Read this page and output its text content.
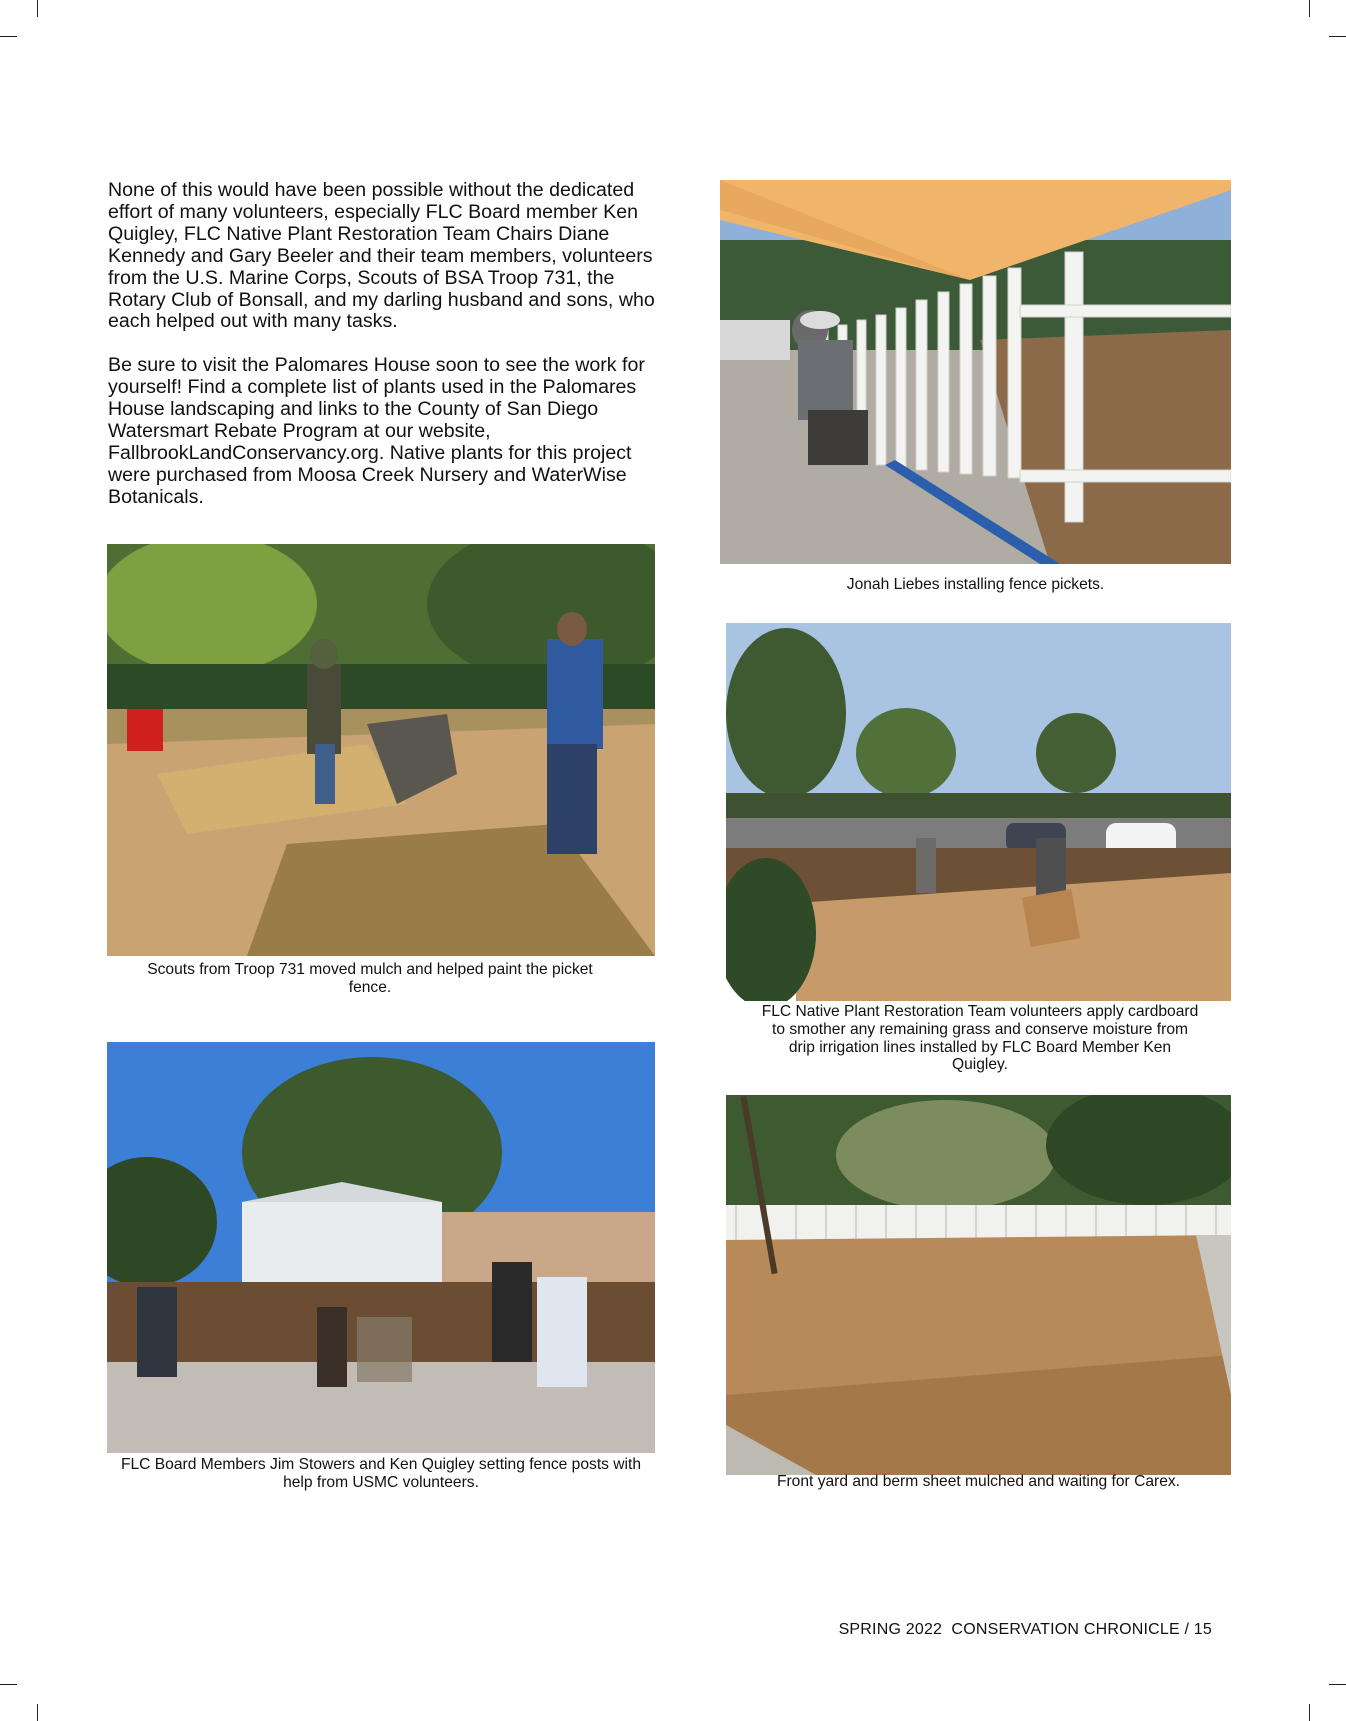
None of this would have been possible without the dedicated effort of many volunteers, especially FLC Board member Ken Quigley, FLC Native Plant Restoration Team Chairs Diane Kennedy and Gary Beeler and their team members, volunteers from the U.S. Marine Corps, Scouts of BSA Troop 731, the Rotary Club of Bonsall, and my darling husband and sons, who each helped out with many tasks.

Be sure to visit the Palomares House soon to see the work for yourself! Find a complete list of plants used in the Palomares House landscaping and links to the County of San Diego Watersmart Rebate Program at our website, FallbrookLandConservancy.org. Native plants for this project were purchased from Moosa Creek Nursery and WaterWise Botanicals.

Jonah Liebes installing fence pickets.
Scouts from Troop 731 moved mulch and helped paint the picket fence.
FLC Native Plant Restoration Team volunteers apply cardboard to smother any remaining grass and conserve moisture from drip irrigation lines installed by FLC Board Member Ken Quigley.
FLC Board Members Jim Stowers and Ken Quigley setting fence posts with help from USMC volunteers.	Front yard and berm sheet mulched and waiting for Carex.
SPRING 2022  CONSERVATION CHRONICLE / 15
